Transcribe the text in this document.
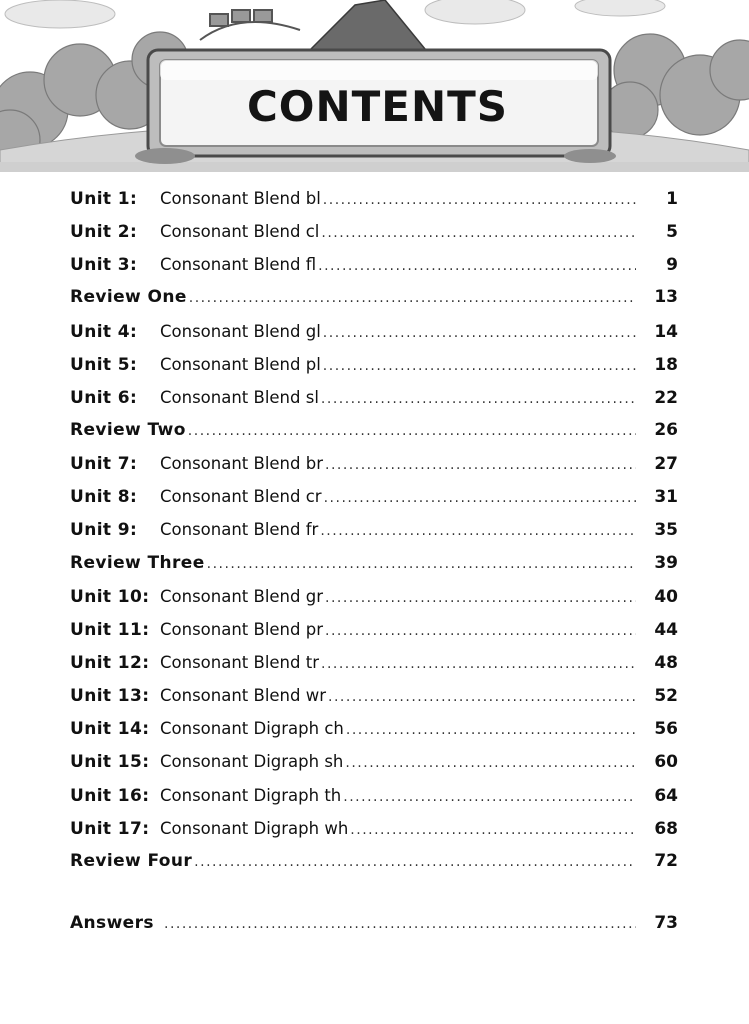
CONTENTS
Unit 1:	Consonant Blend bl .....	1
Unit 2:	Consonant Blend cl .....	5
Unit 3:	Consonant Blend fl .....	9
Review One .....	13
Unit 4:	Consonant Blend gl .....	14
Unit 5:	Consonant Blend pl .....	18
Unit 6:	Consonant Blend sl .....	22
Review Two .....	26
Unit 7:	Consonant Blend br .....	27
Unit 8:	Consonant Blend cr .....	31
Unit 9:	Consonant Blend fr .....	35
Review Three .....	39
Unit 10: Consonant Blend gr .....	40
Unit 11: Consonant Blend pr .....	44
Unit 12: Consonant Blend tr .....	48
Unit 13: Consonant Blend wr .....	52
Unit 14: Consonant Digraph ch .....	56
Unit 15: Consonant Digraph sh .....	60
Unit 16: Consonant Digraph th .....	64
Unit 17: Consonant Digraph wh .....	68
Review Four .....	72
Answers .....	73
